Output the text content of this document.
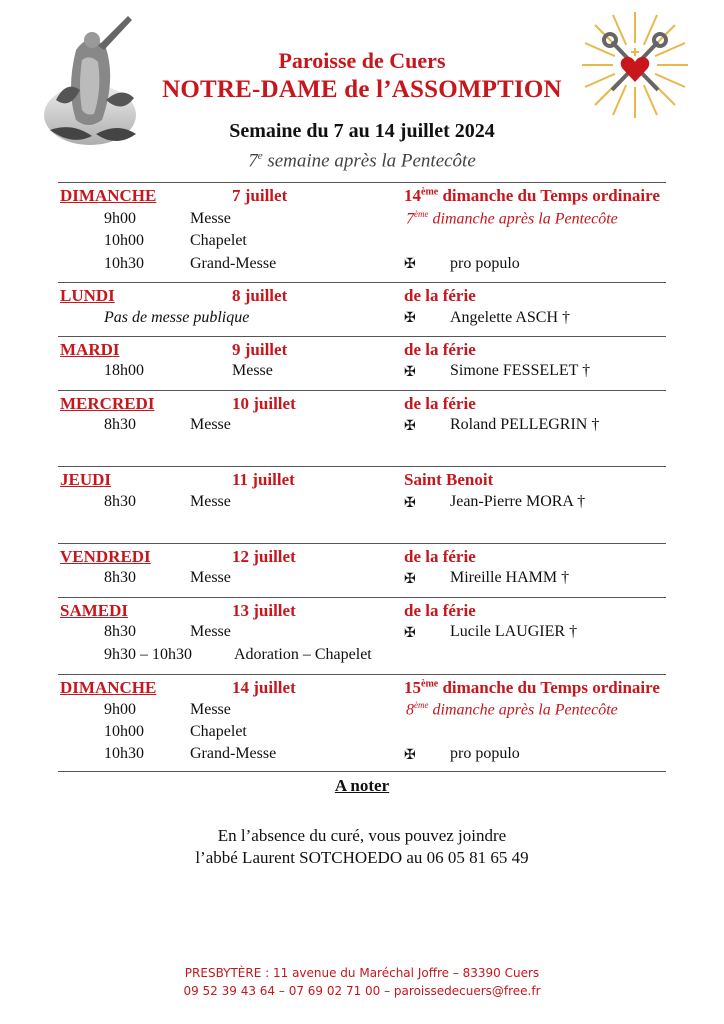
Paroisse de Cuers
NOTRE-DAME de l’ASSOMPTION
Semaine du 7 au 14 juillet 2024
7e semaine après la Pentecôte
DIMANCHE	7 juillet	14ème dimanche du Temps ordinaire
9h00	Messe	7ème dimanche après la Pentecôte
10h00	Chapelet
10h30	Grand-Messe	✠ pro populo
LUNDI	8 juillet	de la férie
Pas de messe publique	✠ Angelette ASCH †
MARDI	9 juillet	de la férie
18h00	Messe	✠ Simone FESSELET †
MERCREDI	10 juillet	de la férie
8h30	Messe	✠ Roland PELLEGRIN †
JEUDI	11 juillet	Saint Benoit
8h30	Messe	✠ Jean-Pierre MORA †
VENDREDI	12 juillet	de la férie
8h30	Messe	✠ Mireille HAMM †
SAMEDI	13 juillet	de la férie
8h30	Messe	✠ Lucile LAUGIER †
9h30 – 10h30	Adoration – Chapelet
DIMANCHE	14 juillet	15ème dimanche du Temps ordinaire
9h00	Messe	8ème dimanche après la Pentecôte
10h00	Chapelet
10h30	Grand-Messe	✠ pro populo
A noter
En l’absence du curé, vous pouvez joindre
l’abbé Laurent SOTCHOEDO au 06 05 81 65 49
PRESBYTÈRE : 11 avenue du Maréchal Joffre – 83390 Cuers
09 52 39 43 64 – 07 69 02 71 00 – paroissedecuers@free.fr
